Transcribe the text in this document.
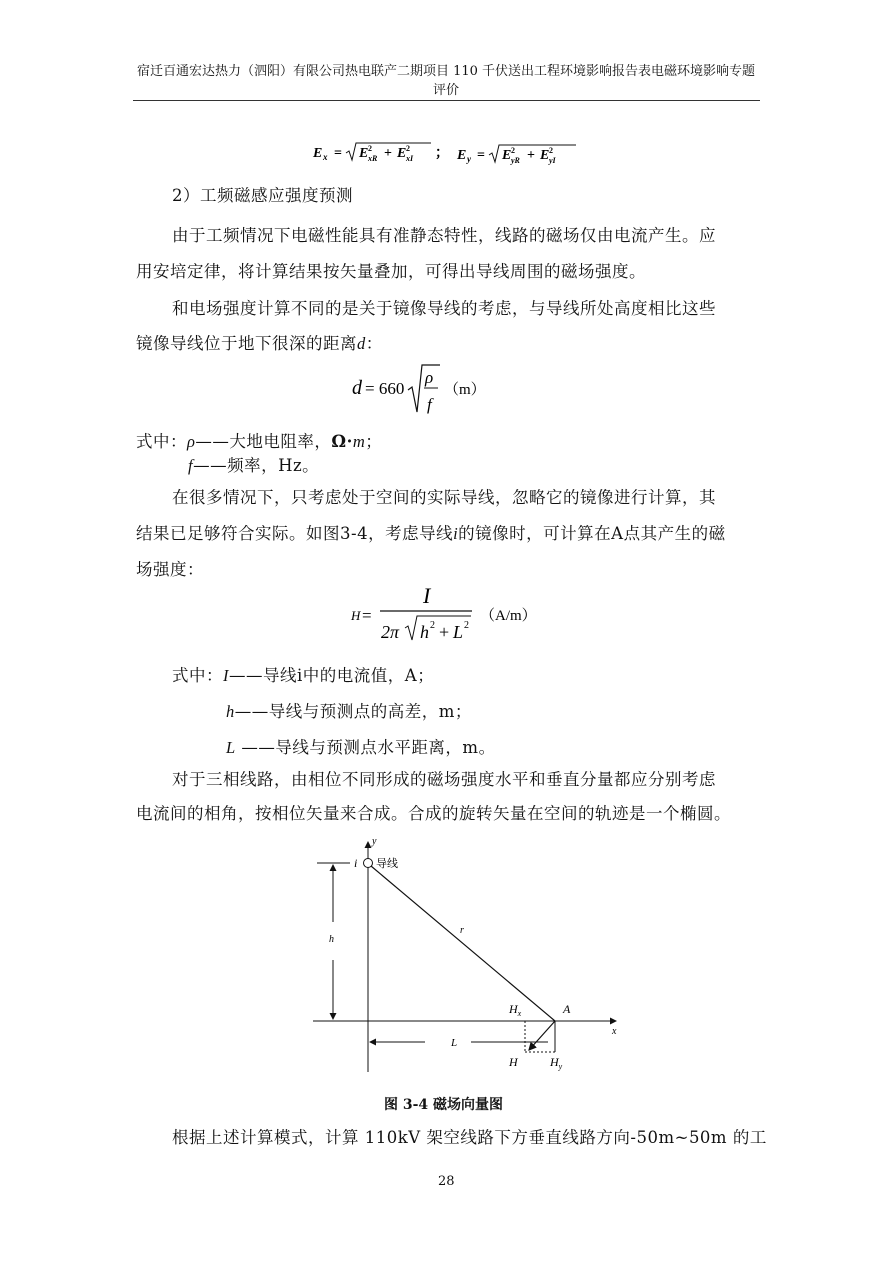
宿迁百通宏达热力（泗阳）有限公司热电联产二期项目 110 千伏送出工程环境影响报告表电磁环境影响专题评价
E x = E 2
xR + E 2
xI ； E y = E 2
yR + E 2
yI
2）工频磁感应强度预测
由于工频情况下电磁性能具有准静态特性，线路的磁场仅由电流产生。应
用安培定律，将计算结果按矢量叠加，可得出导线周围的磁场强度。
和电场强度计算不同的是关于镜像导线的考虑，与导线所处高度相比这些
镜像导线位于地下很深的距离d：
d = 660
ρ
f
（m）
式中：ρ——大地电阻率，Ω·m；
f——频率，Hz。
在很多情况下，只考虑处于空间的实际导线，忽略它的镜像进行计算，其
结果已足够符合实际。如图3-4，考虑导线i的镜像时，可计算在A点其产生的磁
场强度：
H =
I
2π h 2 + L 2
（A/m）
式中：I——导线i中的电流值，A；
h——导线与预测点的高差，m；
L ——导线与预测点水平距离，m。
对于三相线路，由相位不同形成的磁场强度水平和垂直分量都应分别考虑
电流间的相角，按相位矢量来合成。合成的旋转矢量在空间的轨迹是一个椭圆。
y
x
i 导线
h
r
A
$H_x$
L
H	$H_y$
图 3-4 磁场向量图
根据上述计算模式，计算 110kV 架空线路下方垂直线路方向-50m~50m 的工
28
